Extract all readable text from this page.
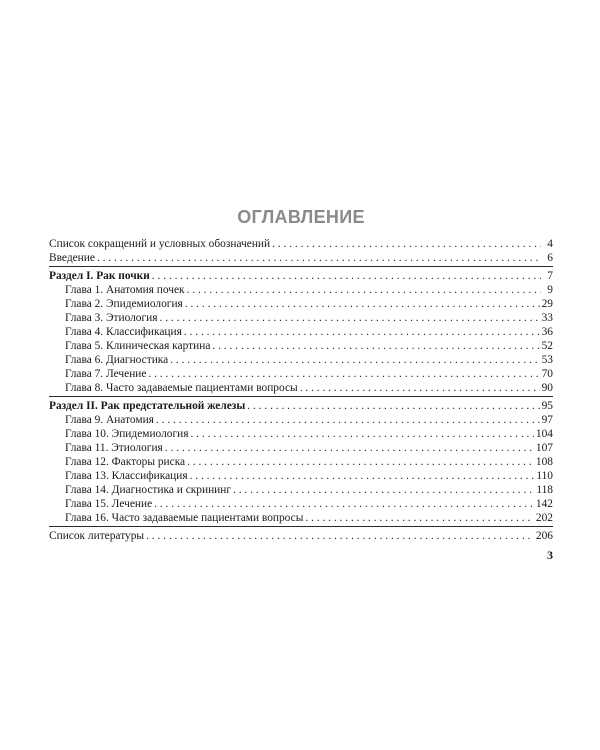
ОГЛАВЛЕНИЕ
Список сокращений и условных обозначений . . .	4
Введение . . .	6
Раздел I. Рак почки . . .	7
Глава 1. Анатомия почек . . .	9
Глава 2. Эпидемиология . . .	29
Глава 3. Этиология . . .	33
Глава 4. Классификация . . .	36
Глава 5. Клиническая картина . . .	52
Глава 6. Диагностика . . .	53
Глава 7. Лечение . . .	70
Глава 8. Часто задаваемые пациентами вопросы . . .	90
Раздел II. Рак предстательной железы . . .	95
Глава 9. Анатомия . . .	97
Глава 10. Эпидемиология . . .	104
Глава 11. Этиология . . .	107
Глава 12. Факторы риска . . .	108
Глава 13. Классификация . . .	110
Глава 14. Диагностика и скрининг . . .	118
Глава 15. Лечение . . .	142
Глава 16. Часто задаваемые пациентами вопросы . . .	202
Список литературы . . .	206
3
